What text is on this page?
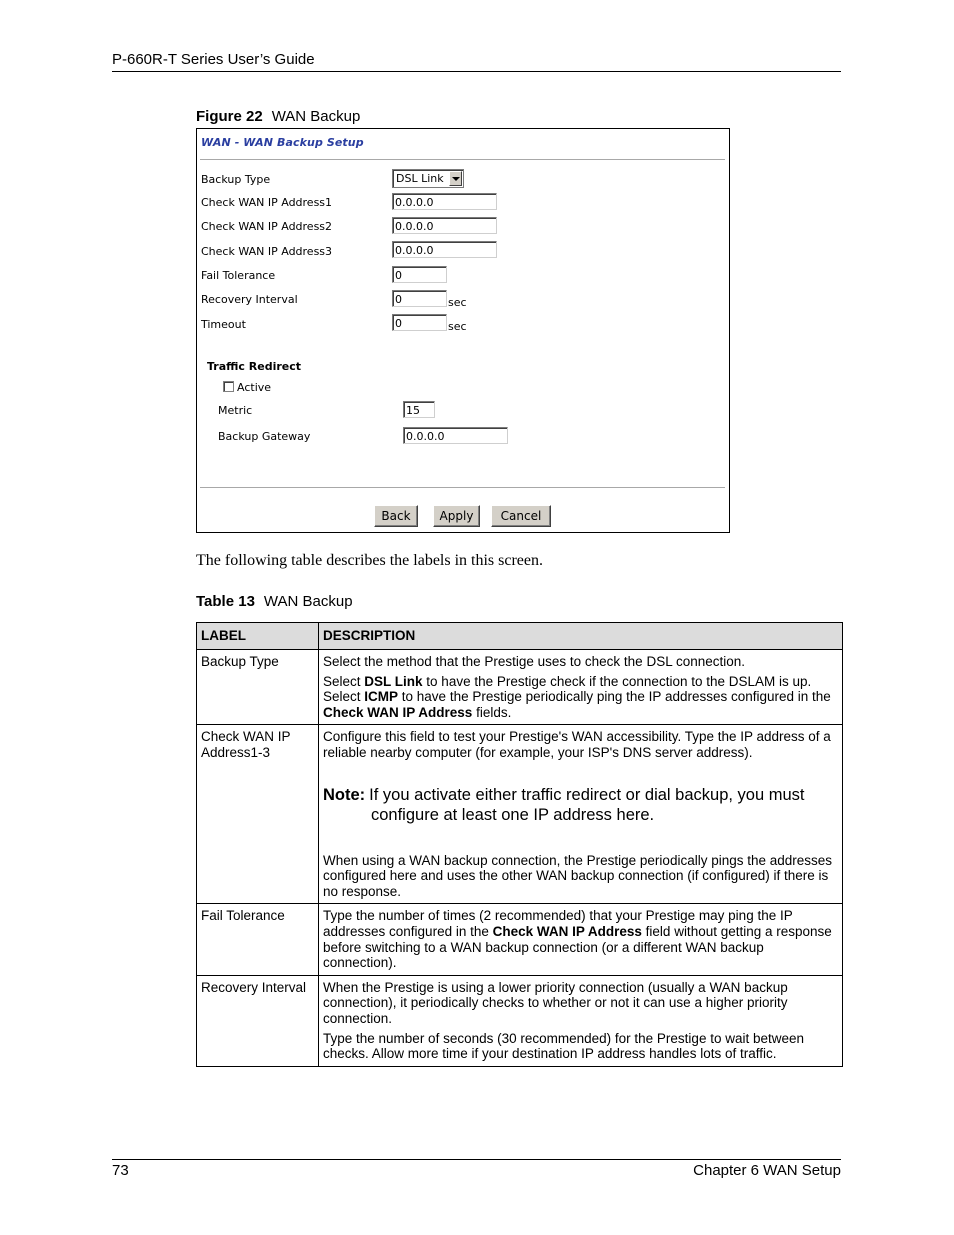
P-660R-T Series User’s Guide
Figure 22 WAN Backup
WAN - WAN Backup Setup
Backup Type	DSL Link
Check WAN IP Address1	0.0.0.0
Check WAN IP Address2	0.0.0.0
Check WAN IP Address3	0.0.0.0
Fail Tolerance	0
Recovery Interval	0	sec
Timeout	0	sec
Traffic Redirect
Active
Metric	15
Backup Gateway	0.0.0.0
Back	Apply	Cancel
The following table describes the labels in this screen.
Table 13 WAN Backup
LABEL	DESCRIPTION
Backup Type	Select the method that the Prestige uses to check the DSL connection.

Select DSL Link to have the Prestige check if the connection to the DSLAM is up. Select ICMP to have the Prestige periodically ping the IP addresses configured in the Check WAN IP Address fields.

Check WAN IP Address1-3	Configure this field to test your Prestige's WAN accessibility. Type the IP address of a reliable nearby computer (for example, your ISP's DNS server address).

Note: If you activate either traffic redirect or dial backup, you must configure at least one IP address here.

When using a WAN backup connection, the Prestige periodically pings the addresses configured here and uses the other WAN backup connection (if configured) if there is no response.

Fail Tolerance	Type the number of times (2 recommended) that your Prestige may ping the IP addresses configured in the Check WAN IP Address field without getting a response before switching to a WAN backup connection (or a different WAN backup connection).

Recovery Interval	When the Prestige is using a lower priority connection (usually a WAN backup connection), it periodically checks to whether or not it can use a higher priority connection.

Type the number of seconds (30 recommended) for the Prestige to wait between checks. Allow more time if your destination IP address handles lots of traffic.

73	Chapter 6 WAN Setup
